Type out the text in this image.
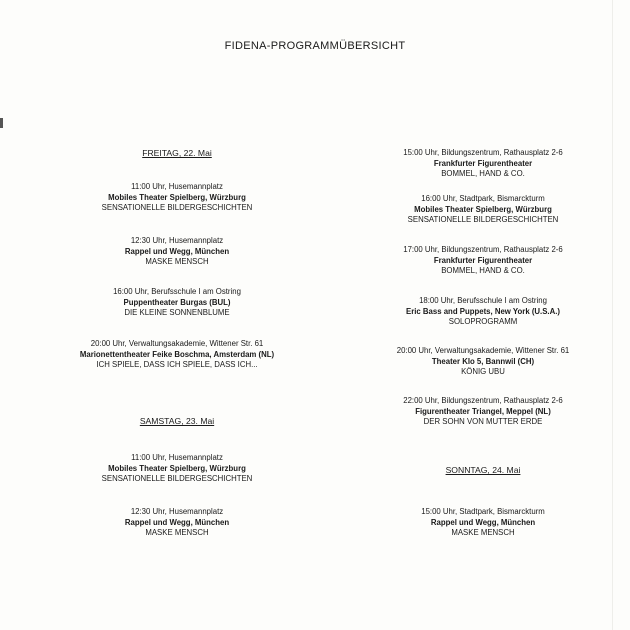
FIDENA-PROGRAMMÜBERSICHT
FREITAG, 22. Mai
11:00 Uhr, Husemannplatz
Mobiles Theater Spielberg, Würzburg
SENSATIONELLE BILDERGESCHICHTEN
12:30 Uhr, Husemannplatz
Rappel und Wegg, München
MASKE MENSCH
16:00 Uhr, Berufsschule I am Ostring
Puppentheater Burgas (BUL)
DIE KLEINE SONNENBLUME
20:00 Uhr, Verwaltungsakademie, Wittener Str. 61
Marionettentheater Feike Boschma, Amsterdam (NL)
ICH SPIELE, DASS ICH SPIELE, DASS ICH...
SAMSTAG, 23. Mai
11:00 Uhr, Husemannplatz
Mobiles Theater Spielberg, Würzburg
SENSATIONELLE BILDERGESCHICHTEN
12:30 Uhr, Husemannplatz
Rappel und Wegg, München
MASKE MENSCH
15:00 Uhr, Bildungszentrum, Rathausplatz 2-6
Frankfurter Figurentheater
BOMMEL, HAND & CO.
16:00 Uhr, Stadtpark, Bismarckturm
Mobiles Theater Spielberg, Würzburg
SENSATIONELLE BILDERGESCHICHTEN
17:00 Uhr, Bildungszentrum, Rathausplatz 2-6
Frankfurter Figurentheater
BOMMEL, HAND & CO.
18:00 Uhr, Berufsschule I am Ostring
Eric Bass and Puppets, New York (U.S.A.)
SOLOPROGRAMM
20:00 Uhr, Verwaltungsakademie, Wittener Str. 61
Theater Klo 5, Bannwil (CH)
KÖNIG UBU
22:00 Uhr, Bildungszentrum, Rathausplatz 2-6
Figurentheater Triangel, Meppel (NL)
DER SOHN VON MUTTER ERDE
SONNTAG, 24. Mai
15:00 Uhr, Stadtpark, Bismarckturm
Rappel und Wegg, München
MASKE MENSCH
